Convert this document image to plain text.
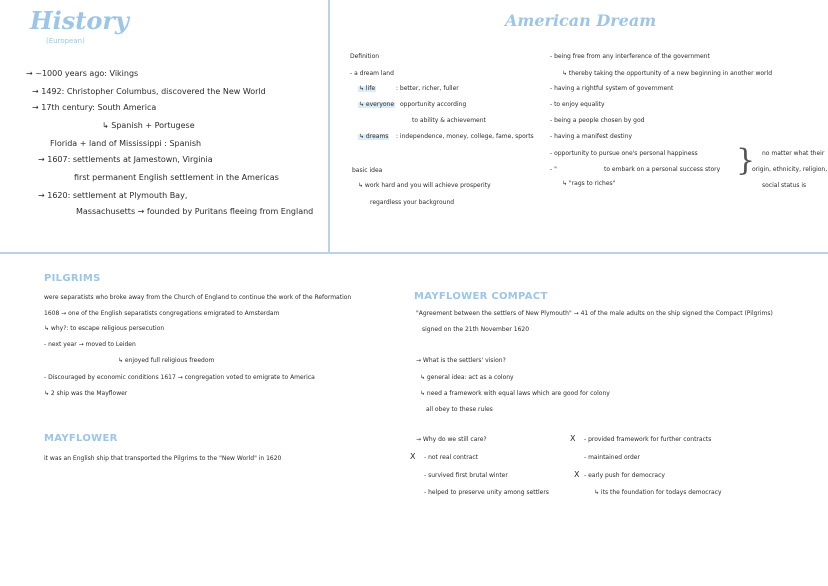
History
(European)
→ ~1000 years ago: Vikings
→ 1492: Christopher Columbus, discovered the New World
→ 17th century: South America
↳ Spanish + Portugese
Florida + land of Mississippi : Spanish
→ 1607: settlements at Jamestown, Virginia
first permanent English settlement in the Americas
→ 1620: settlement at Plymouth Bay,
Massachusetts → founded by Puritans fleeing from England
American Dream
Definition
- a dream land
↳ life	: better, richer, fuller
↳ everyone opportunity according
to ability & achievement
↳ dreams : independence, money, college, fame, sports
basic idea
↳ work hard and you will achieve prosperity
regardless your background
- being free from any interference of the government
↳ thereby taking the opportunity of a new beginning in another world
- having a rightful system of government
- to enjoy equality
- being a people chosen by god
- having a manifest destiny
- opportunity to pursue one's personal happiness
- "	to embark on a personal success story
↳ "rags to riches"
} no matter what their
origin, ethnicity, religion,
social status is
PILGRIMS
were separatists who broke away from the Church of England to continue the work of the Reformation
1608 → one of the English separatists congregations emigrated to Amsterdam
↳ why?: to escape religious persecution
- next year → moved to Leiden
↳ enjoyed full religious freedom
- Discouraged by economic conditions 1617 → congregation voted to emigrate to America
↳ 2 ship was the Mayflower
MAYFLOWER
it was an English ship that transported the Pilgrims to the "New World" in 1620
MAYFLOWER COMPACT
"Agreement between the settlers of New Plymouth" → 41 of the male adults on the ship signed the Compact (Pilgrims)
signed on the 21th November 1620
→ What is the settlers' vision?
↳ general idea: act as a colony
↳ need a framework with equal laws which are good for colony
all obey to these rules
→ Why do we still care?
X - not real contract
- survived first brutal winter
- helped to preserve unity among settlers
X - provided framework for further contracts
- maintained order
X - early push for democracy
↳ its the foundation for todays democracy
